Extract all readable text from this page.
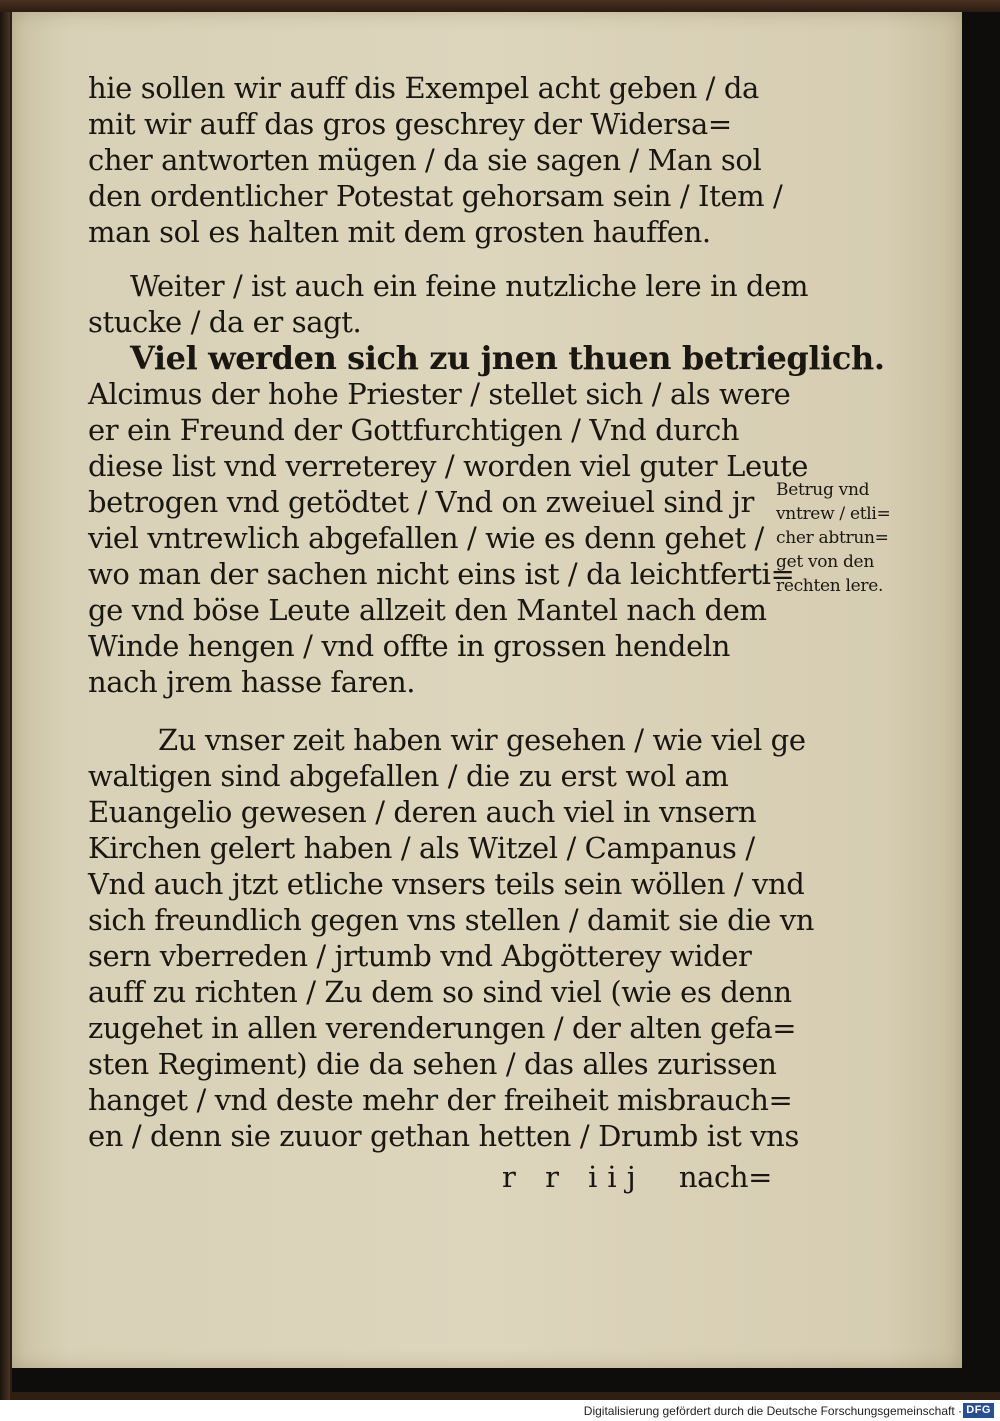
hie sollen wir auff dis Exempel acht geben / da
mit wir auff das gros geschrey der Widersa=
cher antworten mügen / da sie sagen / Man sol
den ordentlicher Potestat gehorsam sein / Item /
man sol es halten mit dem grosten hauffen.
Weiter / ist auch ein feine nutzliche lere in dem
stucke / da er sagt.
Viel werden sich zu jnen thuen betrieglich.
Alcimus der hohe Priester / stellet sich / als were
er ein Freund der Gottfurchtigen / Vnd durch
diese list vnd verreterey / worden viel guter Leute
betrogen vnd getödtet / Vnd on zweiuel sind jr
viel vntrewlich abgefallen / wie es denn gehet /
wo man der sachen nicht eins ist / da leichtferti=
ge vnd böse Leute allzeit den Mantel nach dem
Winde hengen / vnd offte in grossen hendeln
nach jrem hasse faren.
Zu vnser zeit haben wir gesehen / wie viel ge
waltigen sind abgefallen / die zu erst wol am
Euangelio gewesen / deren auch viel in vnsern
Kirchen gelert haben / als Witzel / Campanus /
Vnd auch jtzt etliche vnsers teils sein wöllen / vnd
sich freundlich gegen vns stellen / damit sie die vn
sern vberreden / jrtumb vnd Abgötterey wider
auff zu richten / Zu dem so sind viel (wie es denn
zugehet in allen verenderungen / der alten gefa=
sten Regiment) die da sehen / das alles zurissen
hanget / vnd deste mehr der freiheit misbrauch=
en / denn sie zuuor gethan hetten / Drumb ist vns
r r iij nach=
Betrug vnd
vntrew / etli=
cher abtrun=
get von den
rechten lere.
Digitalisierung gefördert durch die Deutsche Forschungsgemeinschaft · DFG
